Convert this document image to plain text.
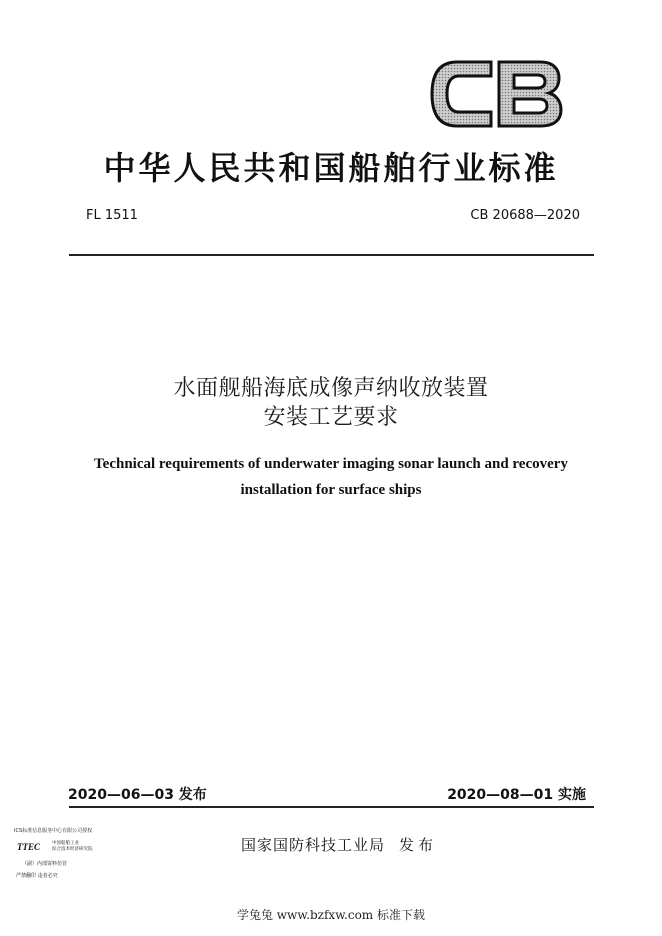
中华人民共和国船舶行业标准
FL 1511	CB 20688—2020
水面舰船海底成像声纳收放装置
安装工艺要求
Technical requirements of underwater imaging sonar launch and recovery
installation for surface ships
2020—06—03 发布	2020—08—01 实施
ICS标准信息服务中心有限公司授权
TTEC	中国船舶工业
综合技术经济研究院
（副）内部资料仿冒
严禁翻印 违者必究
国家国防科技工业局 发布
学兔兔 www.bzfxw.com 标准下载
